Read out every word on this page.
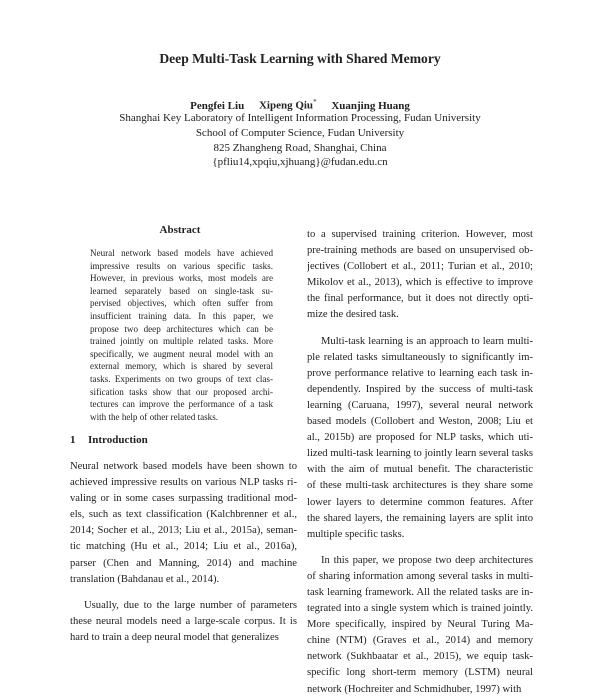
Deep Multi-Task Learning with Shared Memory
Pengfei Liu Xipeng Qiu* Xuanjing Huang
Shanghai Key Laboratory of Intelligent Information Processing, Fudan University
School of Computer Science, Fudan University
825 Zhangheng Road, Shanghai, China
{pfliu14,xpqiu,xjhuang}@fudan.edu.cn
Abstract
Neural network based models have achieved
impressive results on various specific tasks.
However, in previous works, most models are
learned separately based on single-task su-
pervised objectives, which often suffer from
insufficient training data. In this paper, we
propose two deep architectures which can be
trained jointly on multiple related tasks. More
specifically, we augment neural model with an
external memory, which is shared by several
tasks. Experiments on two groups of text clas-
sification tasks show that our proposed archi-
tectures can improve the performance of a task
with the help of other related tasks.
1 Introduction
Neural network based models have been shown to
achieved impressive results on various NLP tasks ri-
valing or in some cases surpassing traditional mod-
els, such as text classification (Kalchbrenner et al.,
2014; Socher et al., 2013; Liu et al., 2015a), seman-
tic matching (Hu et al., 2014; Liu et al., 2016a),
parser (Chen and Manning, 2014) and machine
translation (Bahdanau et al., 2014).
Usually, due to the large number of parameters
these neural models need a large-scale corpus. It is
hard to train a deep neural model that generalizes
to a supervised training criterion. However, most
pre-training methods are based on unsupervised ob-
jectives (Collobert et al., 2011; Turian et al., 2010;
Mikolov et al., 2013), which is effective to improve
the final performance, but it does not directly opti-
mize the desired task.
Multi-task learning is an approach to learn multi-
ple related tasks simultaneously to significantly im-
prove performance relative to learning each task in-
dependently. Inspired by the success of multi-task
learning (Caruana, 1997), several neural network
based models (Collobert and Weston, 2008; Liu et
al., 2015b) are proposed for NLP tasks, which uti-
lized multi-task learning to jointly learn several tasks
with the aim of mutual benefit. The characteristic
of these multi-task architectures is they share some
lower layers to determine common features. After
the shared layers, the remaining layers are split into
multiple specific tasks.
In this paper, we propose two deep architectures
of sharing information among several tasks in multi-
task learning framework. All the related tasks are in-
tegrated into a single system which is trained jointly.
More specifically, inspired by Neural Turing Ma-
chine (NTM) (Graves et al., 2014) and memory
network (Sukhbaatar et al., 2015), we equip task-
specific long short-term memory (LSTM) neural
network (Hochreiter and Schmidhuber, 1997) with
